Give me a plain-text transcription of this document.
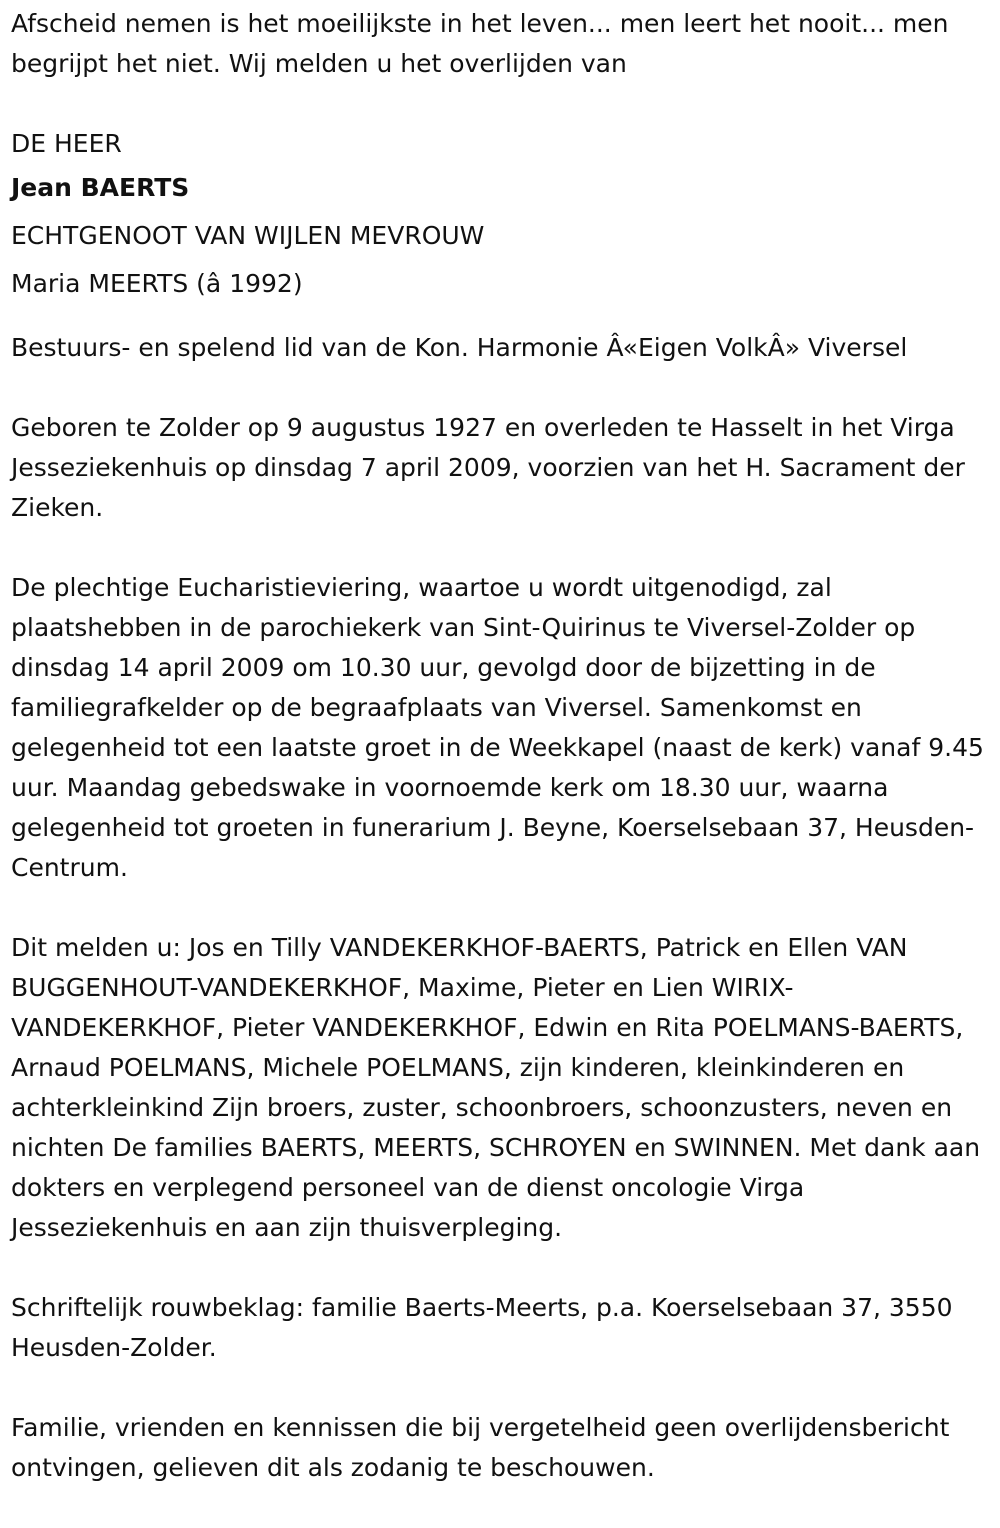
Afscheid nemen is het moeilijkste in het leven... men leert het nooit... men begrijpt het niet. Wij melden u het overlijden van

DE HEER
Jean BAERTS
ECHTGENOOT VAN WIJLEN MEVROUW
Maria MEERTS (â 1992)

Bestuurs- en spelend lid van de Kon. Harmonie Â«Eigen VolkÂ» Viversel

Geboren te Zolder op 9 augustus 1927 en overleden te Hasselt in het Virga Jesseziekenhuis op dinsdag 7 april 2009, voorzien van het H. Sacrament der Zieken.

De plechtige Eucharistieviering, waartoe u wordt uitgenodigd, zal plaatshebben in de parochiekerk van Sint-Quirinus te Viversel-Zolder op dinsdag 14 april 2009 om 10.30 uur, gevolgd door de bijzetting in de familiegrafkelder op de begraafplaats van Viversel. Samenkomst en gelegenheid tot een laatste groet in de Weekkapel (naast de kerk) vanaf 9.45 uur. Maandag gebedswake in voornoemde kerk om 18.30 uur, waarna gelegenheid tot groeten in funerarium J. Beyne, Koerselsebaan 37, Heusden-Centrum.

Dit melden u: Jos en Tilly VANDEKERKHOF-BAERTS, Patrick en Ellen VAN BUGGENHOUT-VANDEKERKHOF, Maxime, Pieter en Lien WIRIX-VANDEKERKHOF, Pieter VANDEKERKHOF, Edwin en Rita POELMANS-BAERTS, Arnaud POELMANS, Michele POELMANS, zijn kinderen, kleinkinderen en achterkleinkind Zijn broers, zuster, schoonbroers, schoonzusters, neven en nichten De families BAERTS, MEERTS, SCHROYEN en SWINNEN. Met dank aan dokters en verplegend personeel van de dienst oncologie Virga Jesseziekenhuis en aan zijn thuisverpleging.

Schriftelijk rouwbeklag: familie Baerts-Meerts, p.a. Koerselsebaan 37, 3550 Heusden-Zolder.

Familie, vrienden en kennissen die bij vergetelheid geen overlijdensbericht ontvingen, gelieven dit als zodanig te beschouwen.
